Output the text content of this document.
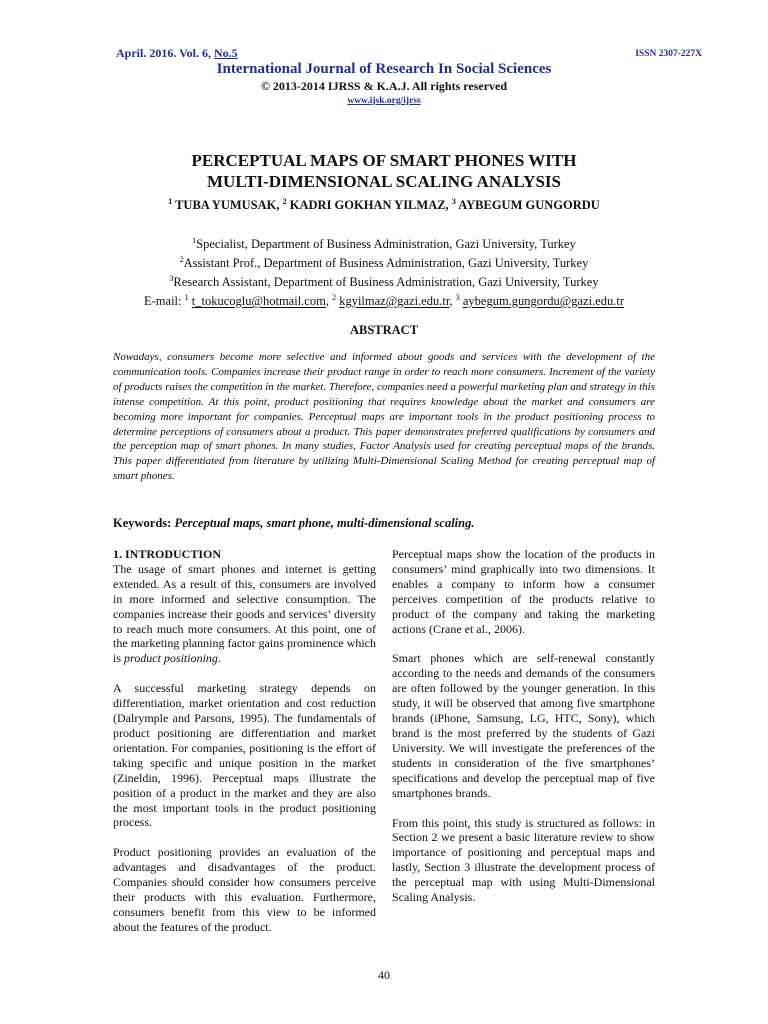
April. 2016. Vol. 6, No.5	ISSN 2307-227X
International Journal of Research In Social Sciences
© 2013-2014 IJRSS & K.A.J. All rights reserved
www.ijsk.org/ijrss
PERCEPTUAL MAPS OF SMART PHONES WITH
MULTI-DIMENSIONAL SCALING ANALYSIS
$^1$ TUBA YUMUSAK, $^2$ KADRI GOKHAN YILMAZ, $^3$ AYBEGUM GUNGORDU
$^1$Specialist, Department of Business Administration, Gazi University, Turkey
$^2$Assistant Prof., Department of Business Administration, Gazi University, Turkey
$^3$Research Assistant, Department of Business Administration, Gazi University, Turkey
E-mail: $^1$ t_tokucoglu@hotmail.com, $^2$ kgyilmaz@gazi.edu.tr, $^3$ aybegum.gungordu@gazi.edu.tr
ABSTRACT

Nowadays, consumers become more selective and informed about goods and services with the development of the communication tools. Companies increase their product range in order to reach more consumers. Increment of the variety of products raises the competition in the market. Therefore, companies need a powerful marketing plan and strategy in this intense competition. At this point, product positioning that requires knowledge about the market and consumers are becoming more important for companies. Perceptual maps are important tools in the product positioning process to determine perceptions of consumers about a product. This paper demonstrates preferred qualifications by consumers and the perception map of smart phones. In many studies, Factor Analysis used for creating perceptual maps of the brands. This paper differentiated from literature by utilizing Multi-Dimensional Scaling Method for creating perceptual map of smart phones.

Keywords: Perceptual maps, smart phone, multi-dimensional scaling.

1. INTRODUCTION

The usage of smart phones and internet is getting extended. As a result of this, consumers are involved in more informed and selective consumption. The companies increase their goods and services’ diversity to reach much more consumers. At this point, one of the marketing planning factor gains prominence which is product positioning.

A successful marketing strategy depends on differentiation, market orientation and cost reduction (Dalrymple and Parsons, 1995). The fundamentals of product positioning are differentiation and market orientation. For companies, positioning is the effort of taking specific and unique position in the market (Zineldin, 1996). Perceptual maps illustrate the position of a product in the market and they are also the most important tools in the product positioning process.

Product positioning provides an evaluation of the advantages and disadvantages of the product. Companies should consider how consumers perceive their products with this evaluation. Furthermore, consumers benefit from this view to be informed about the features of the product.

Perceptual maps show the location of the products in consumers’ mind graphically into two dimensions. It enables a company to inform how a consumer perceives competition of the products relative to product of the company and taking the marketing actions (Crane et al., 2006).

Smart phones which are self-renewal constantly according to the needs and demands of the consumers are often followed by the younger generation. In this study, it will be observed that among five smartphone brands (iPhone, Samsung, LG, HTC, Sony), which brand is the most preferred by the students of Gazi University. We will investigate the preferences of the students in consideration of the five smartphones’ specifications and develop the perceptual map of five smartphones brands.

From this point, this study is structured as follows: in Section 2 we present a basic literature review to show importance of positioning and perceptual maps and lastly, Section 3 illustrate the development process of the perceptual map with using Multi-Dimensional Scaling Analysis.

40
